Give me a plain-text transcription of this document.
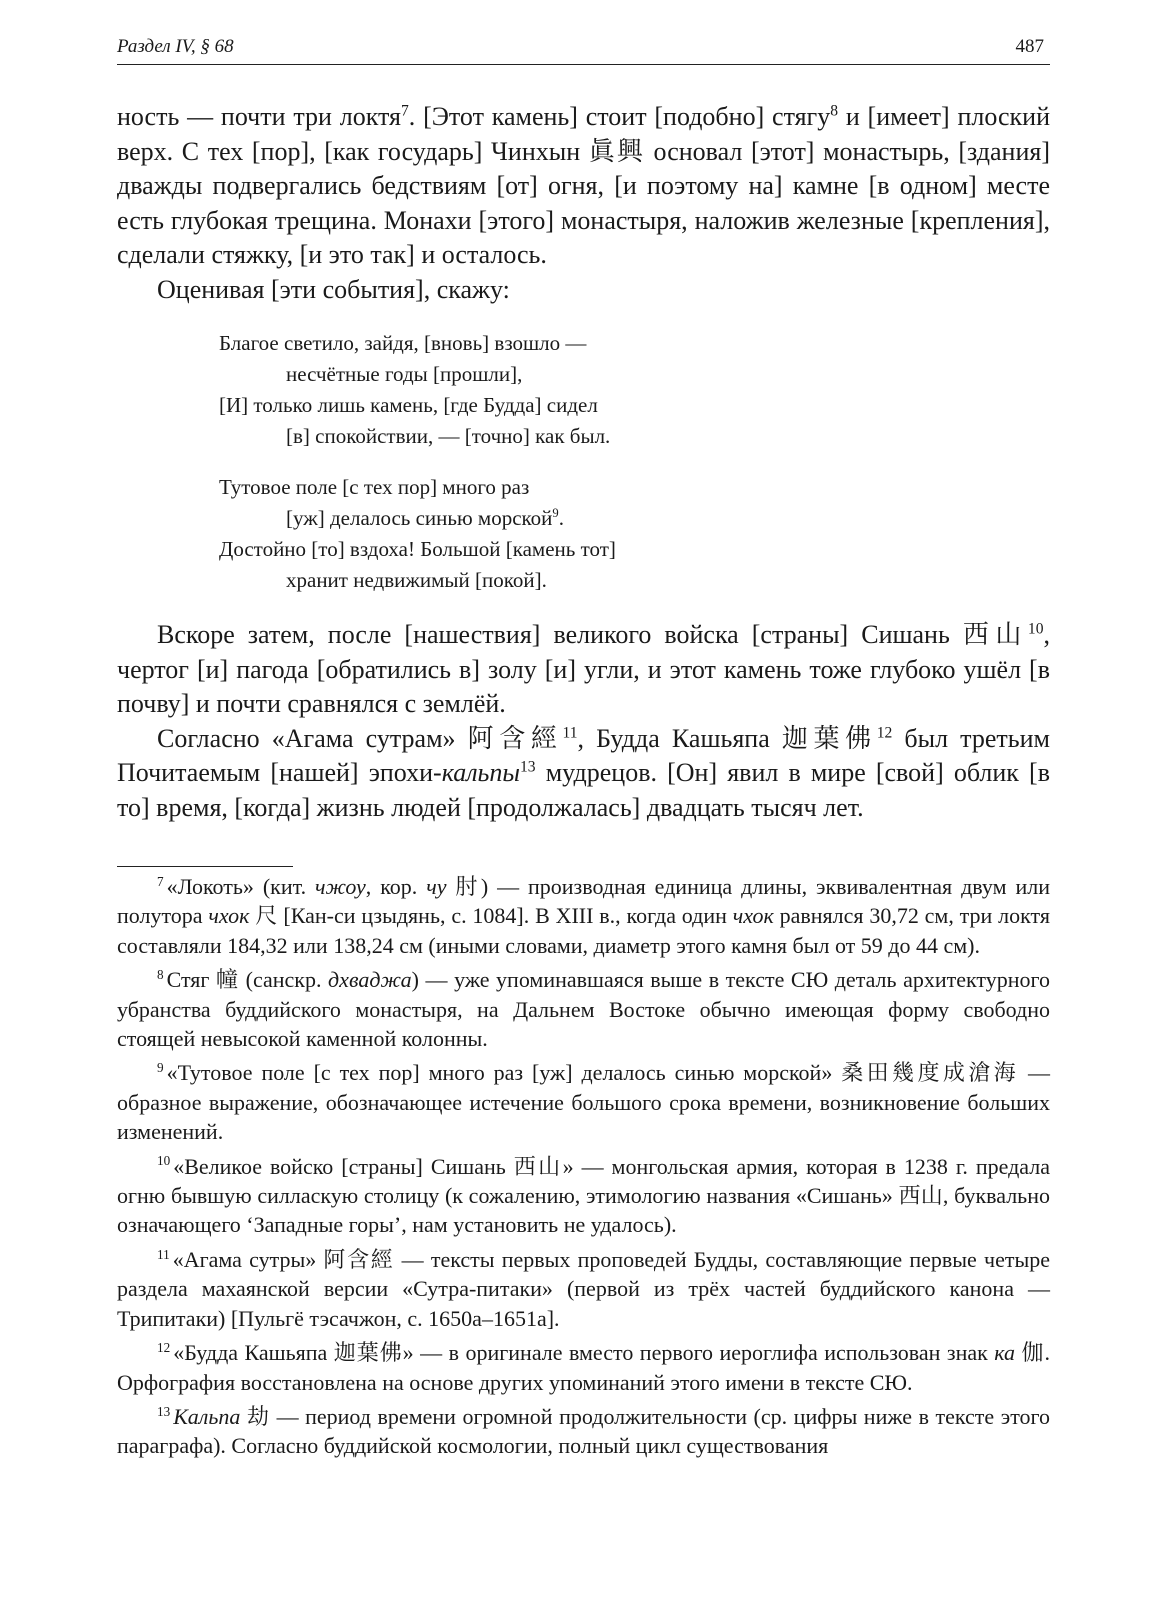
Раздел IV, § 68	487

ность — почти три локтя$^7$. [Этот камень] стоит [подобно] стягу$^8$ и [имеет] плоский верх. С тех [пор], [как государь] Чинхын 眞興 основал [этот] монастырь, [здания] дважды подвергались бедствиям [от] огня, [и поэтому на] камне [в одном] месте есть глубокая трещина. Монахи [этого] монастыря, наложив железные [крепления], сделали стяжку, [и это так] и осталось.

Оценивая [эти события], скажу:

Благое светило, зайдя, [вновь] взошло —
несчётные годы [прошли],
[И] только лишь камень, [где Будда] сидел
[в] спокойствии, — [точно] как был.
Тутовое поле [с тех пор] много раз
[уж] делалось синью морской$^9$.
Достойно [то] вздоха! Большой [камень тот]
хранит недвижимый [покой].

Вскоре затем, после [нашествия] великого войска [страны] Сишань 西山$^{10}$, чертог [и] пагода [обратились в] золу [и] угли, и этот камень тоже глубоко ушёл [в почву] и почти сравнялся с землёй.

Согласно «Агама сутрам» 阿含經$^{11}$, Будда Кашьяпа 迦葉佛$^{12}$ был третьим Почитаемым [нашей] эпохи-кальпы$^{13}$ мудрецов. [Он] явил в мире [свой] облик [в то] время, [когда] жизнь людей [продолжалась] двадцать тысяч лет.

$^7$ «Локоть» (кит. чжоу, кор. чу 肘) — производная единица длины, эквивалентная двум или полутора чхок 尺 [Кан-си цзыдянь, с. 1084]. В XIII в., когда один чхок равнялся 30,72 см, три локтя составляли 184,32 или 138,24 см (иными словами, диаметр этого камня был от 59 до 44 см).

$^8$ Стяг 幢 (санскр. дхваджа) — уже упоминавшаяся выше в тексте СЮ деталь архитектурного убранства буддийского монастыря, на Дальнем Востоке обычно имеющая форму свободно стоящей невысокой каменной колонны.

$^9$ «Тутовое поле [с тех пор] много раз [уж] делалось синью морской» 桑田幾度成滄海 — образное выражение, обозначающее истечение большого срока времени, возникновение больших изменений.

$^{10}$ «Великое войско [страны] Сишань 西山» — монгольская армия, которая в 1238 г. предала огню бывшую силласкую столицу (к сожалению, этимологию названия «Сишань» 西山, буквально означающего ‘Западные горы’, нам установить не удалось).

$^{11}$ «Агама сутры» 阿含經 — тексты первых проповедей Будды, составляющие первые четыре раздела махаянской версии «Сутра-питаки» (первой из трёх частей буддийского канона — Трипитаки) [Пульгё тэсачжон, с. 1650а–1651а].

$^{12}$ «Будда Кашьяпа 迦葉佛» — в оригинале вместо первого иероглифа использован знак ка 伽. Орфография восстановлена на основе других упоминаний этого имени в тексте СЮ.

$^{13}$ Кальпа 劫 — период времени огромной продолжительности (ср. цифры ниже в тексте этого параграфа). Согласно буддийской космологии, полный цикл существования
